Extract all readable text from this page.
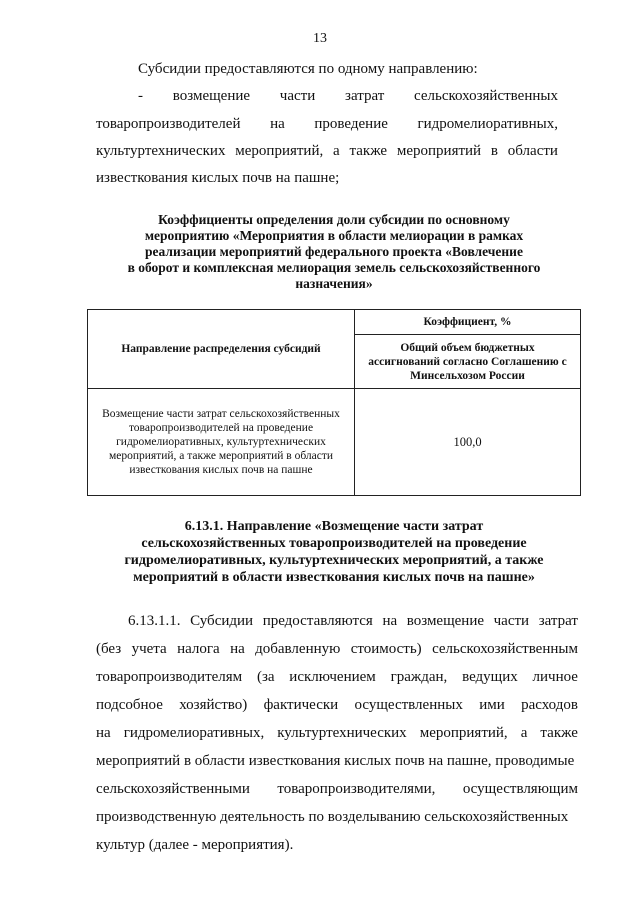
13
Субсидии предоставляются по одному направлению:
- возмещение части затрат сельскохозяйственных
товаропроизводителей на проведение гидромелиоративных,
культуртехнических мероприятий, а также мероприятий в области
известкования кислых почв на пашне;
Коэффициенты определения доли субсидии по основному
мероприятию «Мероприятия в области мелиорации в рамках
реализации мероприятий федерального проекта «Вовлечение
в оборот и комплексная мелиорация земель сельскохозяйственного
назначения»
Направление распределения субсидий	Коэффициент, %
	Общий объем бюджетных ассигнований согласно Соглашению с Минсельхозом России
Возмещение части затрат сельскохозяйственных товаропроизводителей на проведение гидромелиоративных, культуртехнических мероприятий, а также мероприятий в области известкования кислых почв на пашне	100,0
6.13.1. Направление «Возмещение части затрат
сельскохозяйственных товаропроизводителей на проведение
гидромелиоративных, культуртехнических мероприятий, а также
мероприятий в области известкования кислых почв на пашне»
6.13.1.1. Субсидии предоставляются на возмещение части затрат
(без учета налога на добавленную стоимость) сельскохозяйственным
товаропроизводителям (за исключением граждан, ведущих личное
подсобное хозяйство) фактически осуществленных ими расходов
на гидромелиоративных, культуртехнических мероприятий, а также
мероприятий в области известкования кислых почв на пашне, проводимые
сельскохозяйственными товаропроизводителями, осуществляющим
производственную деятельность по возделыванию сельскохозяйственных
культур (далее - мероприятия).
